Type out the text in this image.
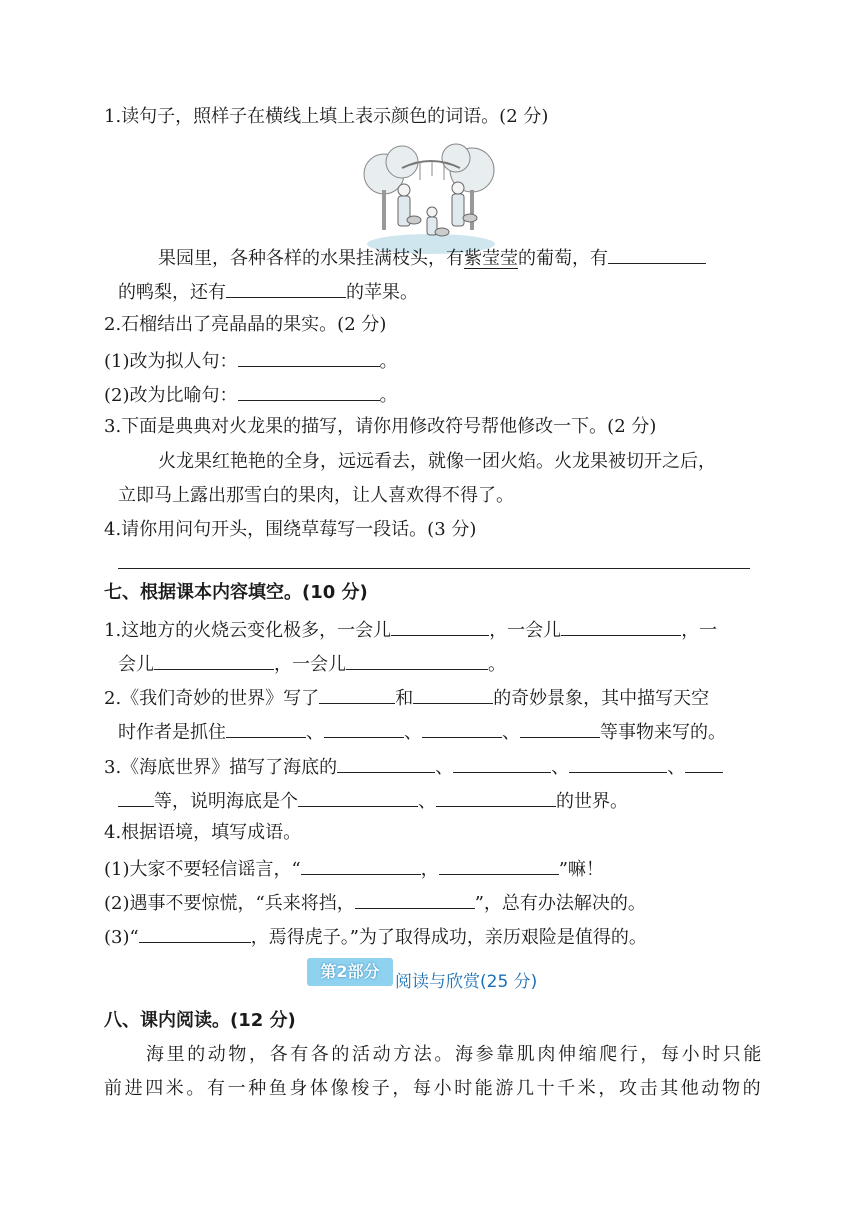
1.读句子，照样子在横线上填上表示颜色的词语。(2 分)
果园里，各种各样的水果挂满枝头，有紫莹莹的葡萄，有
的鸭梨，还有	的苹果。
2.石榴结出了亮晶晶的果实。(2 分)
(1)改为拟人句：	。
(2)改为比喻句：	。
3.下面是典典对火龙果的描写，请你用修改符号帮他修改一下。(2 分)
火龙果红艳艳的全身，远远看去，就像一团火焰。火龙果被切开之后，
立即马上露出那雪白的果肉，让人喜欢得不得了。
4.请你用问句开头，围绕草莓写一段话。(3 分)
七、根据课本内容填空。(10 分)
1.这地方的火烧云变化极多，一会儿	，一会儿	，一
会儿	，一会儿	。
2.《我们奇妙的世界》写了	和	的奇妙景象，其中描写天空
时作者是抓住	、	、	、	等事物来写的。
3.《海底世界》描写了海底的	、	、	、
等，说明海底是个	、	的世界。
4.根据语境，填写成语。
(1)大家不要轻信谣言，“	，	”嘛！
(2)遇事不要惊慌，“兵来将挡，	”，总有办法解决的。
(3)“	，焉得虎子。”为了取得成功，亲历艰险是值得的。
第2部分
阅读与欣赏(25 分)
八、课内阅读。(12 分)
海里的动物，各有各的活动方法。海参靠肌肉伸缩爬行，每小时只能
前进四米。有一种鱼身体像梭子，每小时能游几十千米，攻击其他动物的
